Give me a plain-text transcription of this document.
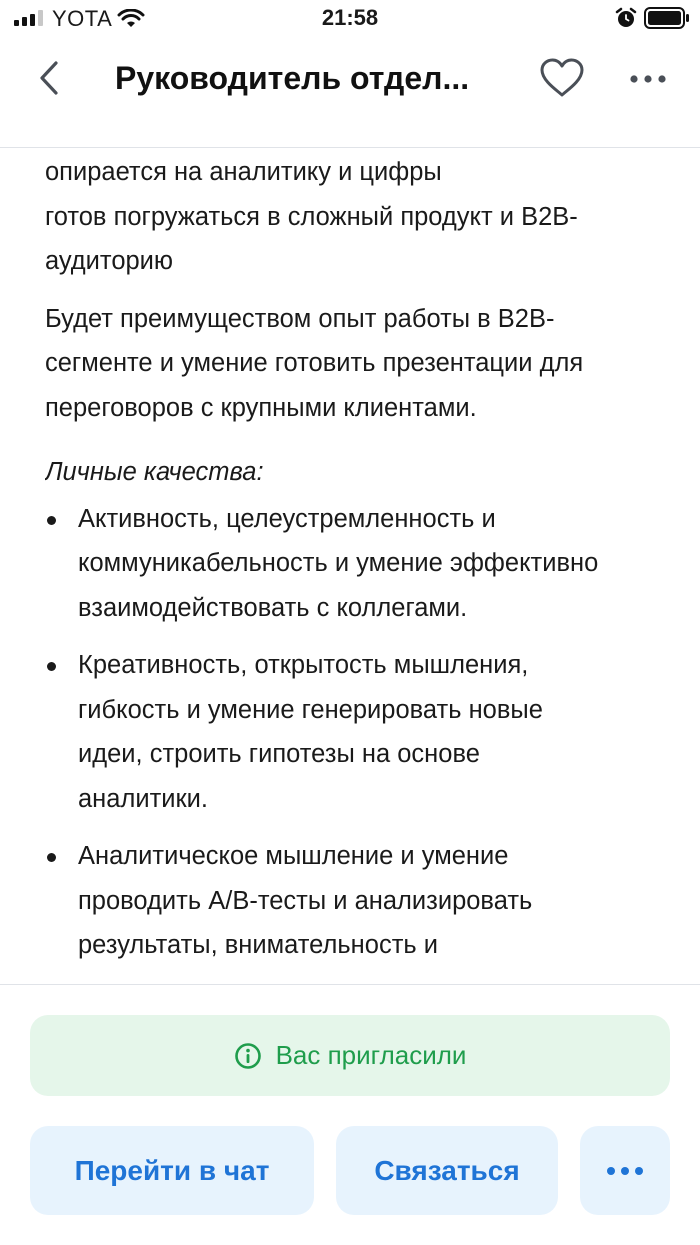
YOTA	21:58
Руководитель отдел...

опирается на аналитику и цифры
готов погружаться в сложный продукт и B2B-
аудиторию

Будет преимуществом опыт работы в B2B-
сегменте и умение готовить презентации для
переговоров с крупными клиентами.

Личные качества:

Активность, целеустремленность и
коммуникабельность и умение эффективно
взаимодействовать с коллегами.
Креативность, открытость мышления,
гибкость и умение генерировать новые
идеи, строить гипотезы на основе
аналитики.
Аналитическое мышление и умение
проводить A/B-тесты и анализировать
результаты, внимательность и
Вас пригласили
Перейти в чат	Связаться
